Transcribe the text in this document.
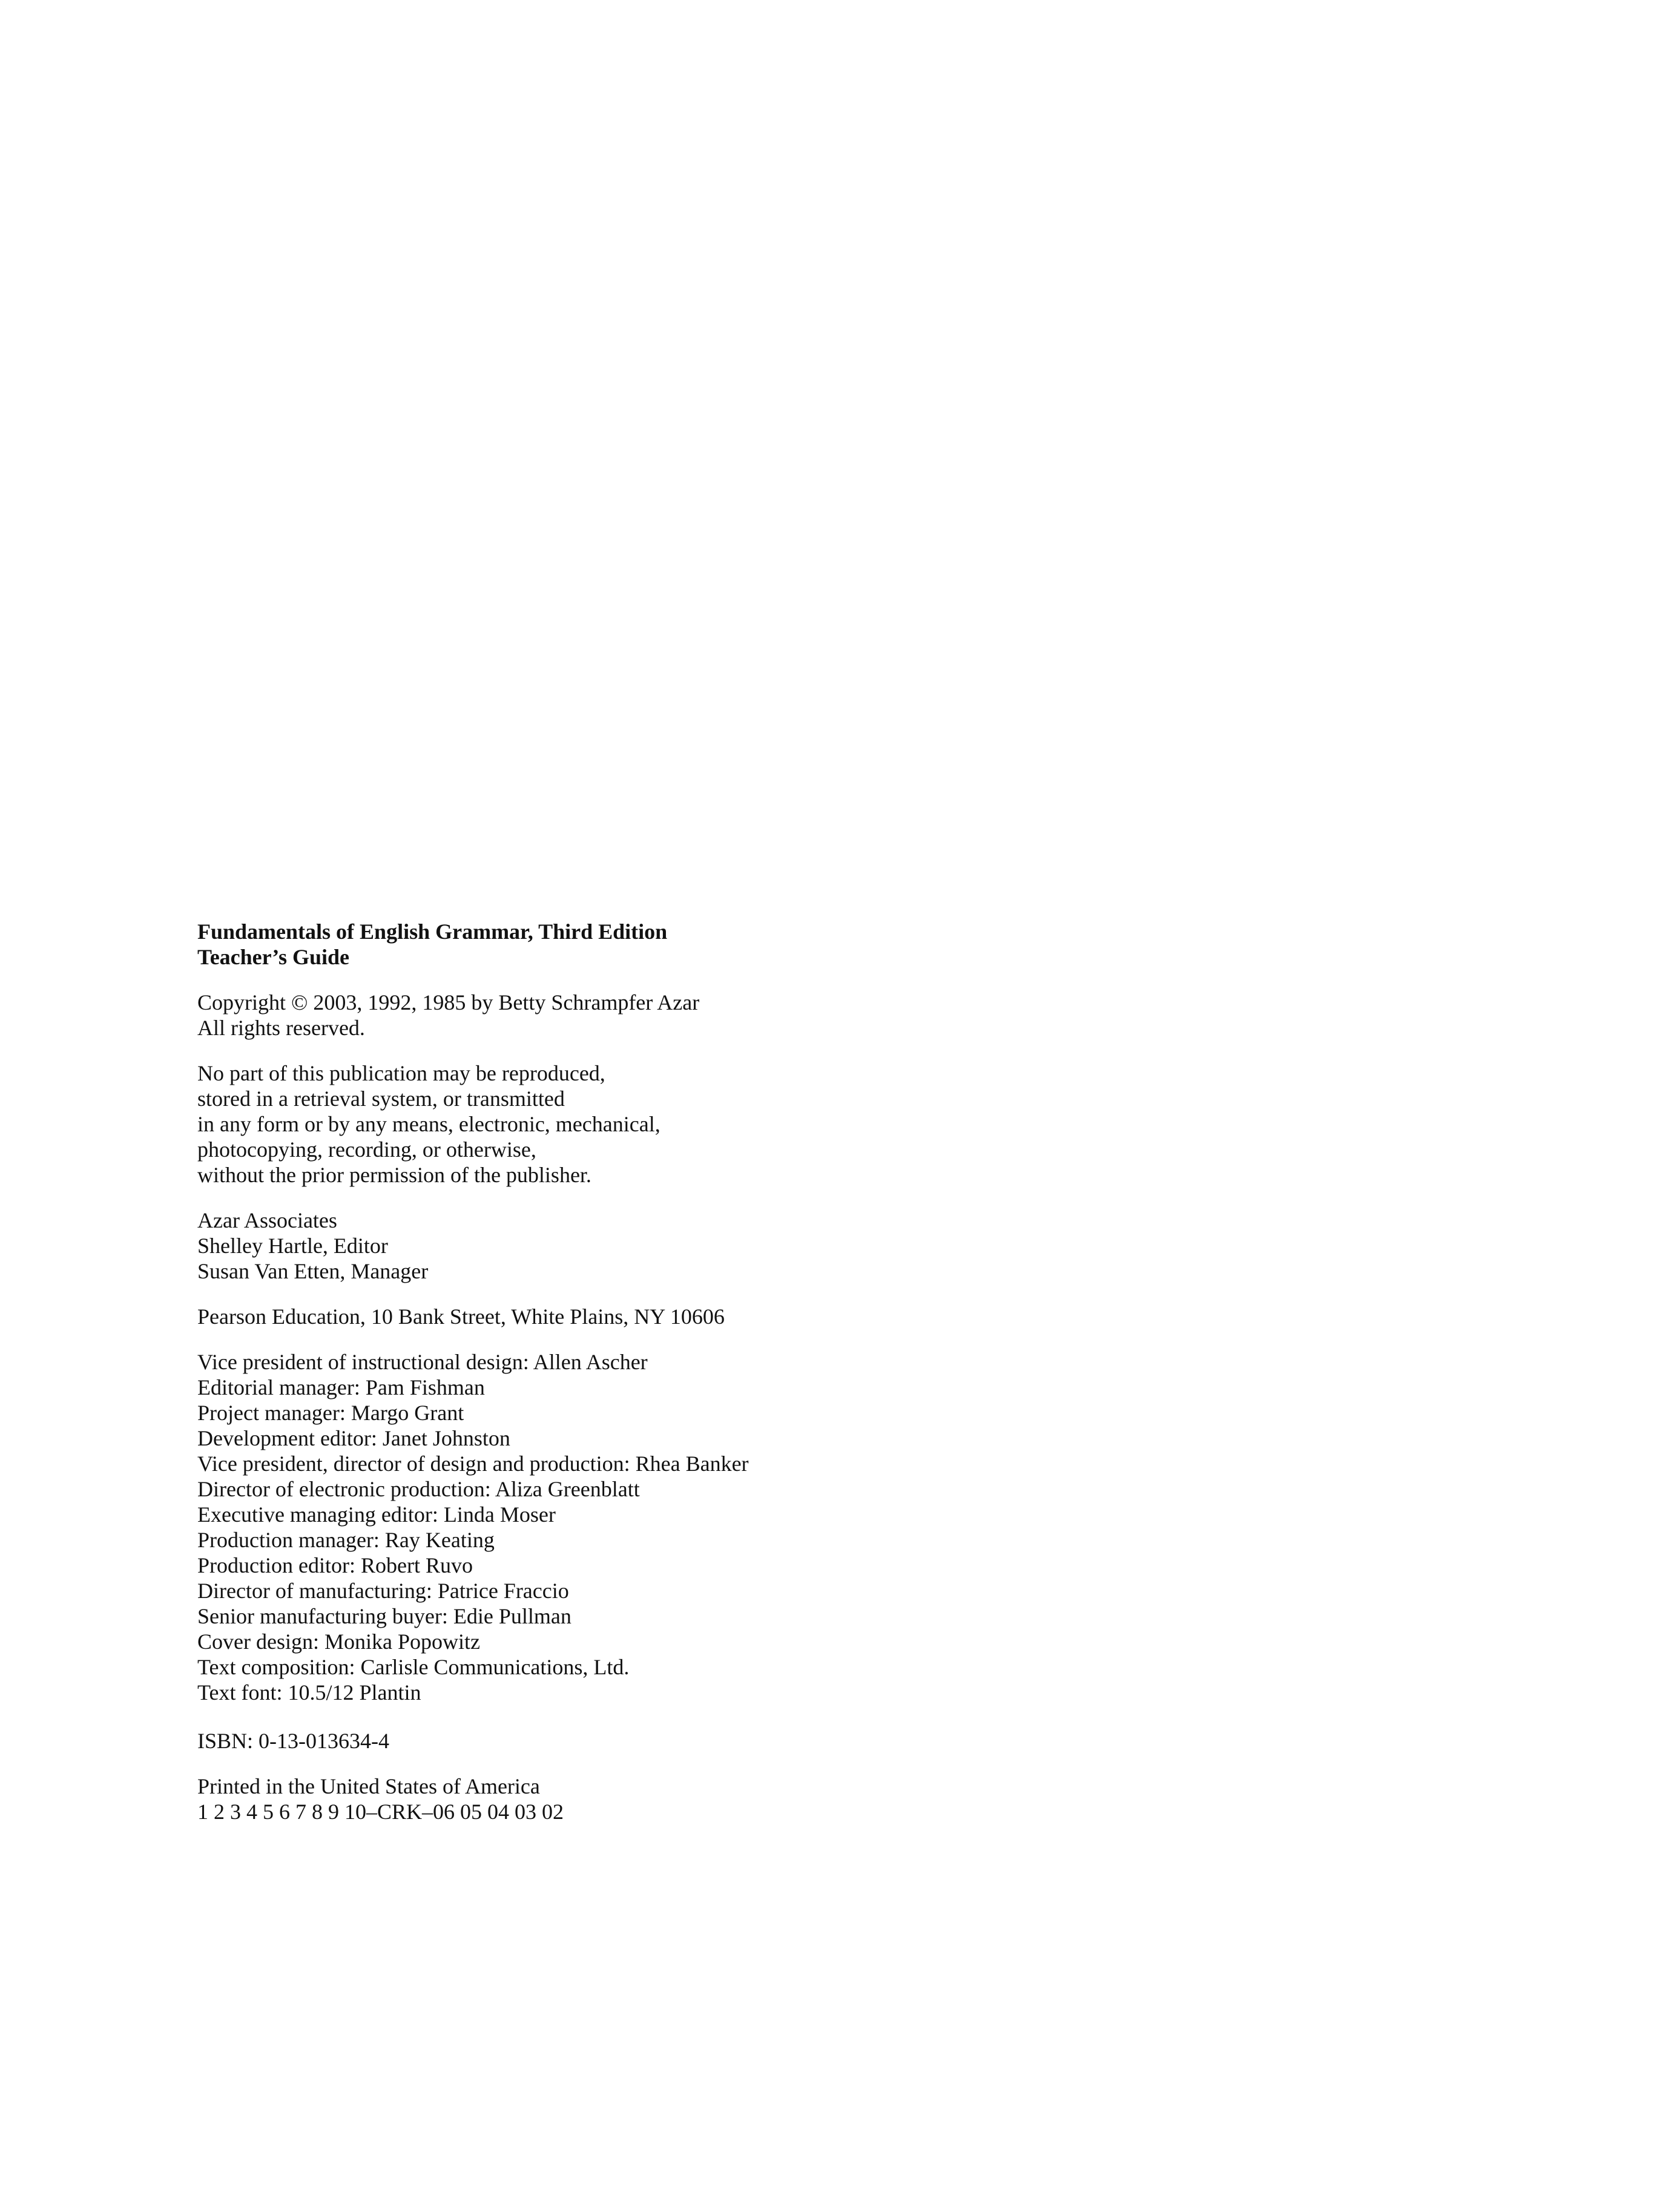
Fundamentals of English Grammar, Third Edition
Teacher’s Guide

Copyright © 2003, 1992, 1985 by Betty Schrampfer Azar
All rights reserved.

No part of this publication may be reproduced,
stored in a retrieval system, or transmitted
in any form or by any means, electronic, mechanical,
photocopying, recording, or otherwise,
without the prior permission of the publisher.

Azar Associates
Shelley Hartle, Editor
Susan Van Etten, Manager

Pearson Education, 10 Bank Street, White Plains, NY 10606

Vice president of instructional design: Allen Ascher
Editorial manager: Pam Fishman
Project manager: Margo Grant
Development editor: Janet Johnston
Vice president, director of design and production: Rhea Banker
Director of electronic production: Aliza Greenblatt
Executive managing editor: Linda Moser
Production manager: Ray Keating
Production editor: Robert Ruvo
Director of manufacturing: Patrice Fraccio
Senior manufacturing buyer: Edie Pullman
Cover design: Monika Popowitz
Text composition: Carlisle Communications, Ltd.
Text font: 10.5/12 Plantin

ISBN: 0-13-013634-4

Printed in the United States of America
1 2 3 4 5 6 7 8 9 10–CRK–06 05 04 03 02
